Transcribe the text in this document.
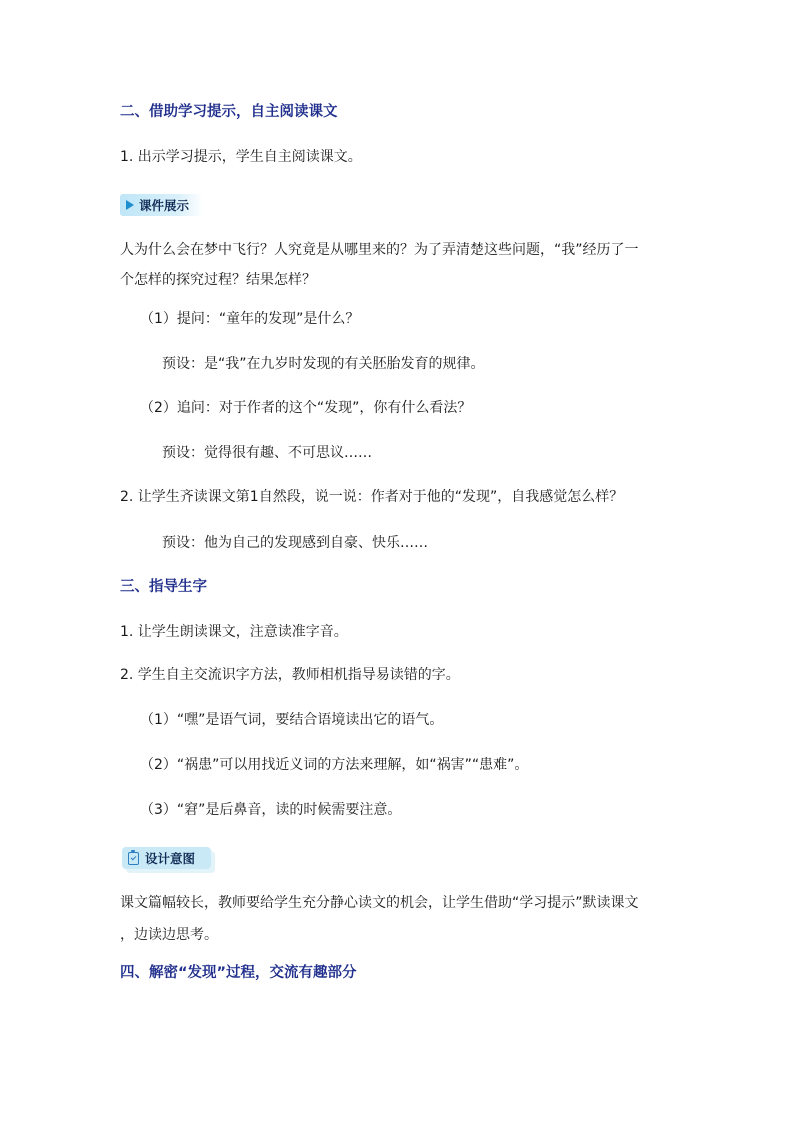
二、借助学习提示，自主阅读课文
1. 出示学习提示，学生自主阅读课文。
课件展示
人为什么会在梦中飞行？人究竟是从哪里来的？为了弄清楚这些问题，“我”经历了一
个怎样的探究过程？结果怎样？
（1）提问：“童年的发现”是什么？
预设：是“我”在九岁时发现的有关胚胎发育的规律。
（2）追问：对于作者的这个“发现”，你有什么看法？
预设：觉得很有趣、不可思议……
2. 让学生齐读课文第1自然段，说一说：作者对于他的“发现”，自我感觉怎么样？
预设：他为自己的发现感到自豪、快乐……
三、指导生字
1. 让学生朗读课文，注意读准字音。
2. 学生自主交流识字方法，教师相机指导易读错的字。
（1）“嘿”是语气词，要结合语境读出它的语气。
（2）“祸患”可以用找近义词的方法来理解，如“祸害”“患难”。
（3）“窘”是后鼻音，读的时候需要注意。
设计意图
课文篇幅较长，教师要给学生充分静心读文的机会，让学生借助“学习提示”默读课文
，边读边思考。
四、解密“发现”过程，交流有趣部分
